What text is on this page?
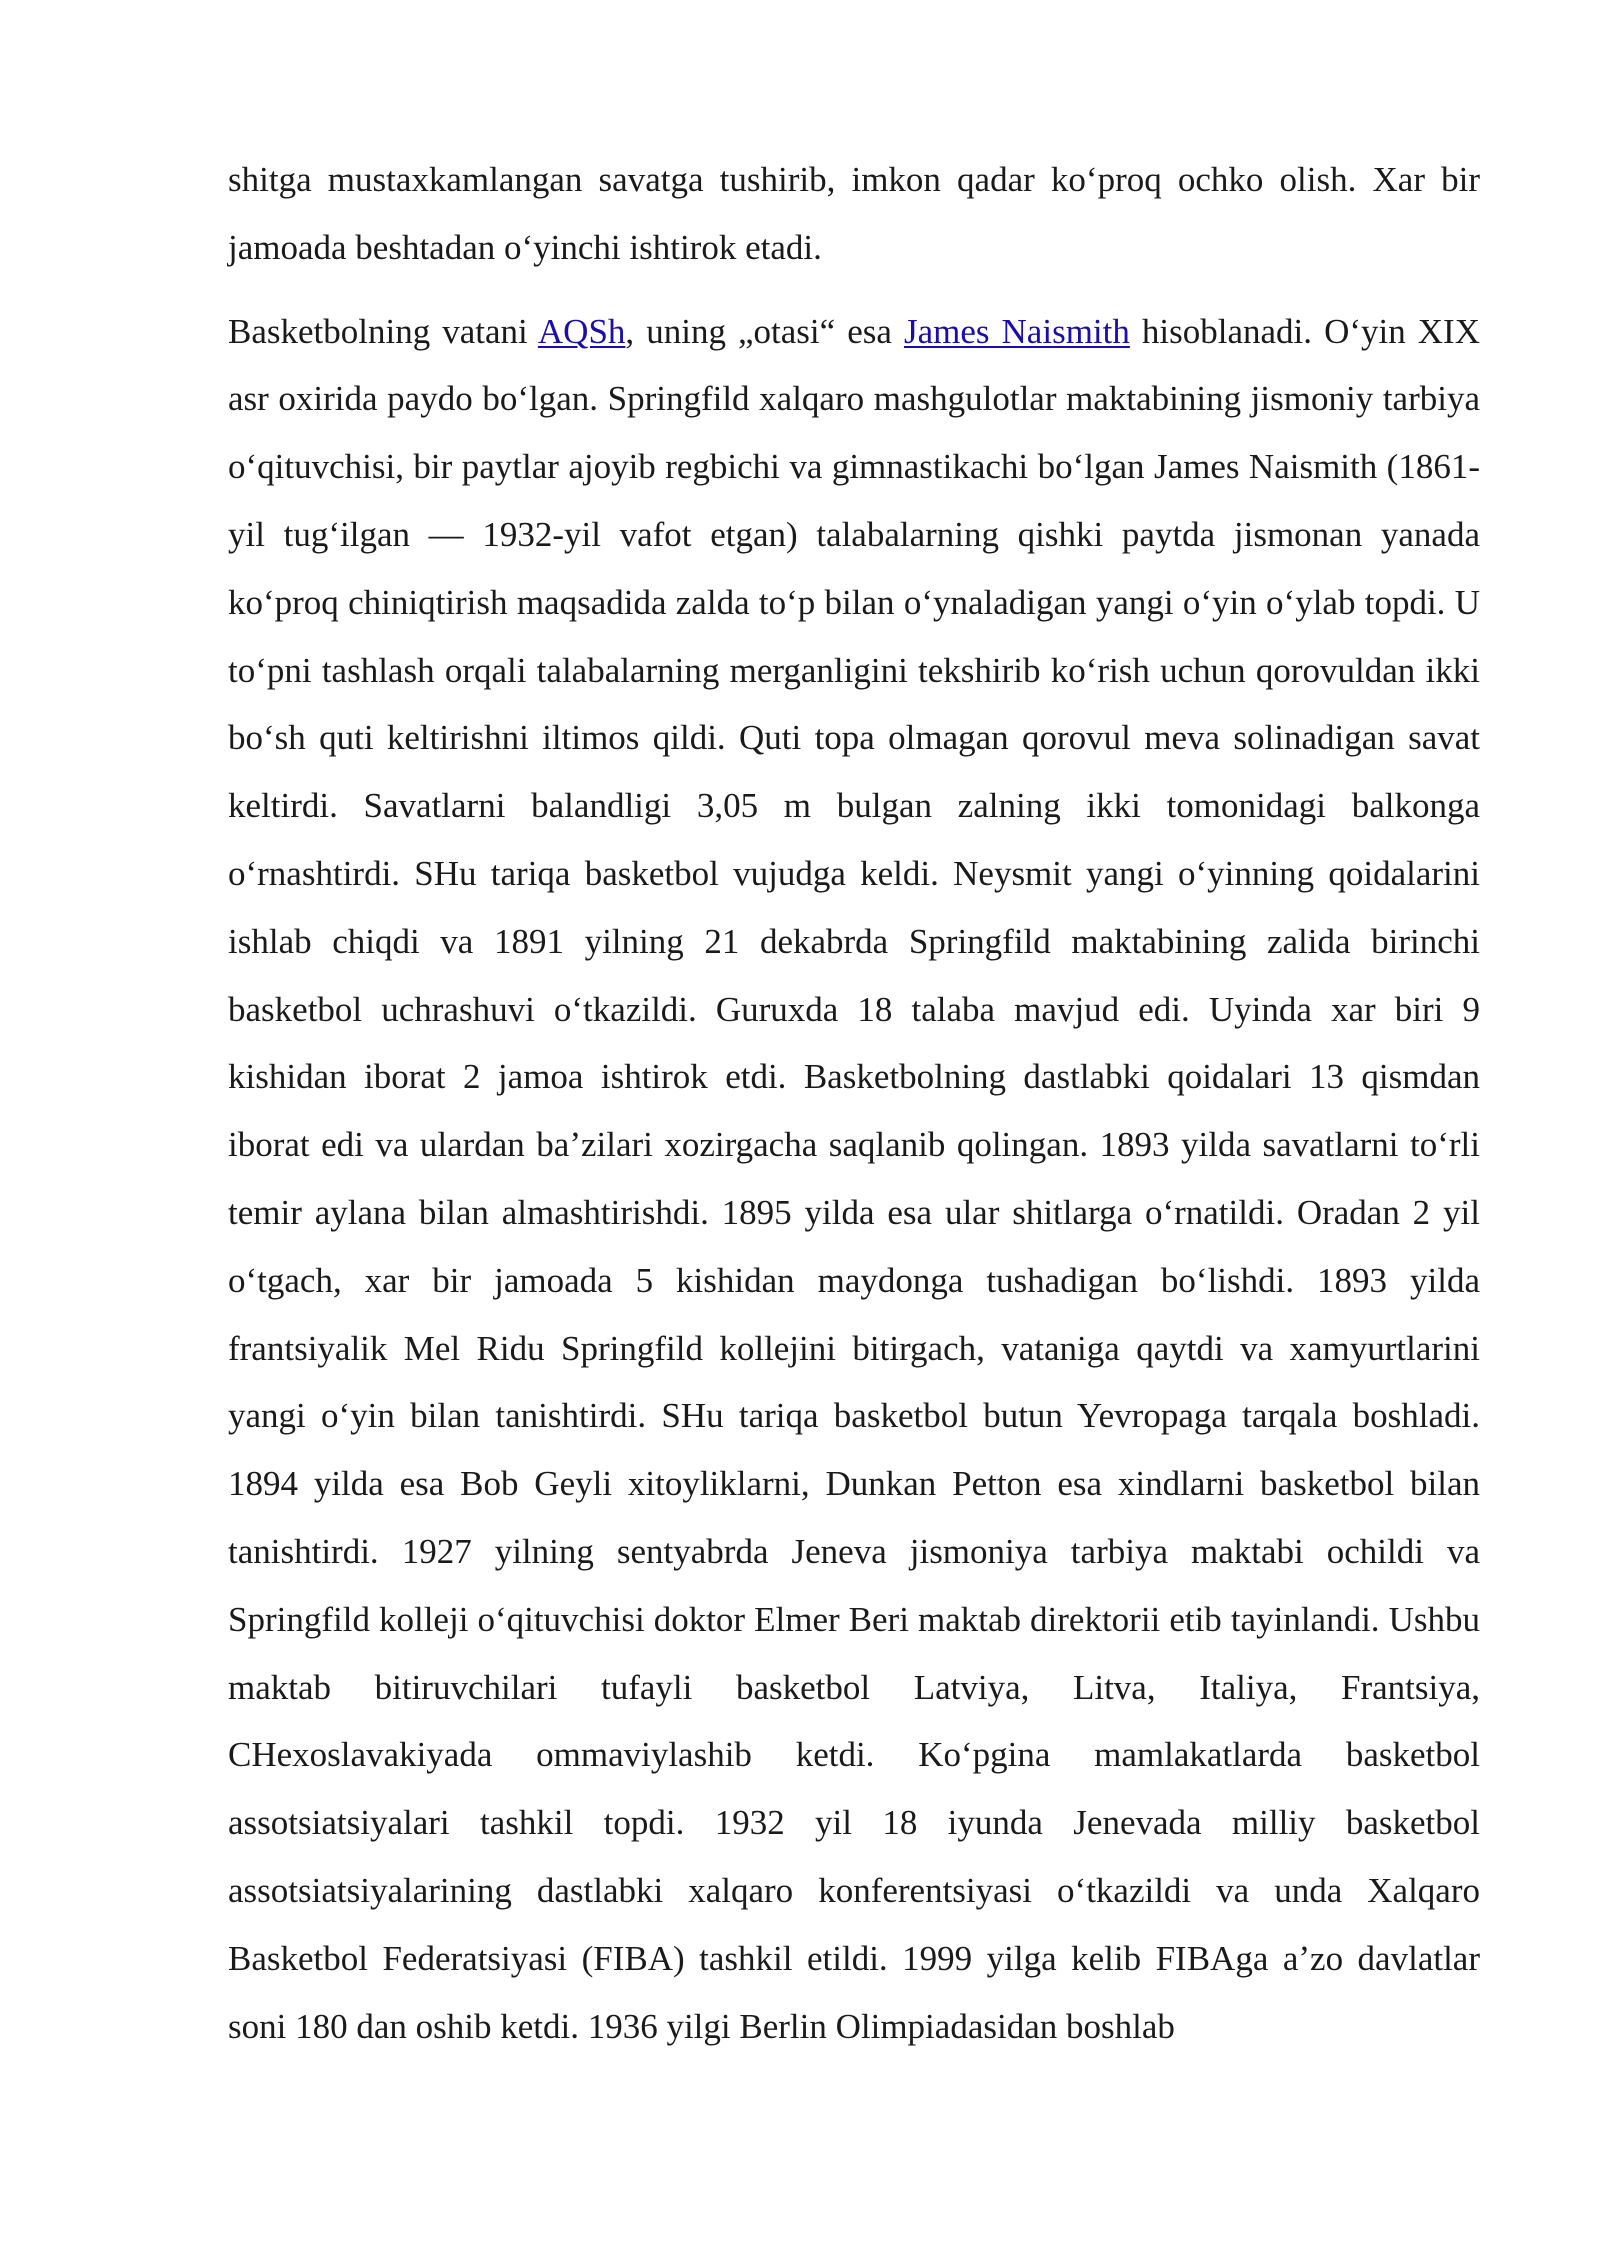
shitga mustaxkamlangan savatga tushirib, imkon qadar koʻproq ochko olish. Xar bir jamoada beshtadan oʻyinchi ishtirok etadi.

Basketbolning vatani AQSh, uning „otasi“ esa James Naismith hisoblanadi. Oʻyin XIX asr oxirida paydo boʻlgan. Springfild xalqaro mashgulotlar maktabining jismoniy tarbiya oʻqituvchisi, bir paytlar ajoyib regbichi va gimnastikachi boʻlgan James Naismith (1861-yil tugʻilgan — 1932-yil vafot etgan) talabalarning qishki paytda jismonan yanada koʻproq chiniqtirish maqsadida zalda toʻp bilan oʻynaladigan yangi oʻyin oʻylab topdi. U toʻpni tashlash orqali talabalarning merganligini tekshirib koʻrish uchun qorovuldan ikki boʻsh quti keltirishni iltimos qildi. Quti topa olmagan qorovul meva solinadigan savat keltirdi. Savatlarni balandligi 3,05 m bulgan zalning ikki tomonidagi balkonga oʻrnashtirdi. SHu tariqa basketbol vujudga keldi. Neysmit yangi oʻyinning qoidalarini ishlab chiqdi va 1891 yilning 21 dekabrda Springfild maktabining zalida birinchi basketbol uchrashuvi oʻtkazildi. Guruxda 18 talaba mavjud edi. Uyinda xar biri 9 kishidan iborat 2 jamoa ishtirok etdi. Basketbolning dastlabki qoidalari 13 qismdan iborat edi va ulardan baʼzilari xozirgacha saqlanib qolingan. 1893 yilda savatlarni toʻrli temir aylana bilan almashtirishdi. 1895 yilda esa ular shitlarga oʻrnatildi. Oradan 2 yil oʻtgach, xar bir jamoada 5 kishidan maydonga tushadigan boʻlishdi. 1893 yilda frantsiyalik Mel Ridu Springfild kollejini bitirgach, vataniga qaytdi va xamyurtlarini yangi oʻyin bilan tanishtirdi. SHu tariqa basketbol butun Yevropaga tarqala boshladi. 1894 yilda esa Bob Geyli xitoyliklarni, Dunkan Petton esa xindlarni basketbol bilan tanishtirdi. 1927 yilning sentyabrda Jeneva jismoniya tarbiya maktabi ochildi va Springfild kolleji oʻqituvchisi doktor Elmer Beri maktab direktorii etib tayinlandi. Ushbu maktab bitiruvchilari tufayli basketbol Latviya, Litva, Italiya, Frantsiya, CHexoslavakiyada ommaviylashib ketdi. Koʻpgina mamlakatlarda basketbol assotsiatsiyalari tashkil topdi. 1932 yil 18 iyunda Jenevada milliy basketbol assotsiatsiyalarining dastlabki xalqaro konferentsiyasi oʻtkazildi va unda Xalqaro Basketbol Federatsiyasi (FIBA) tashkil etildi. 1999 yilga kelib FIBAga aʼzo davlatlar soni 180 dan oshib ketdi. 1936 yilgi Berlin Olimpiadasidan boshlab
